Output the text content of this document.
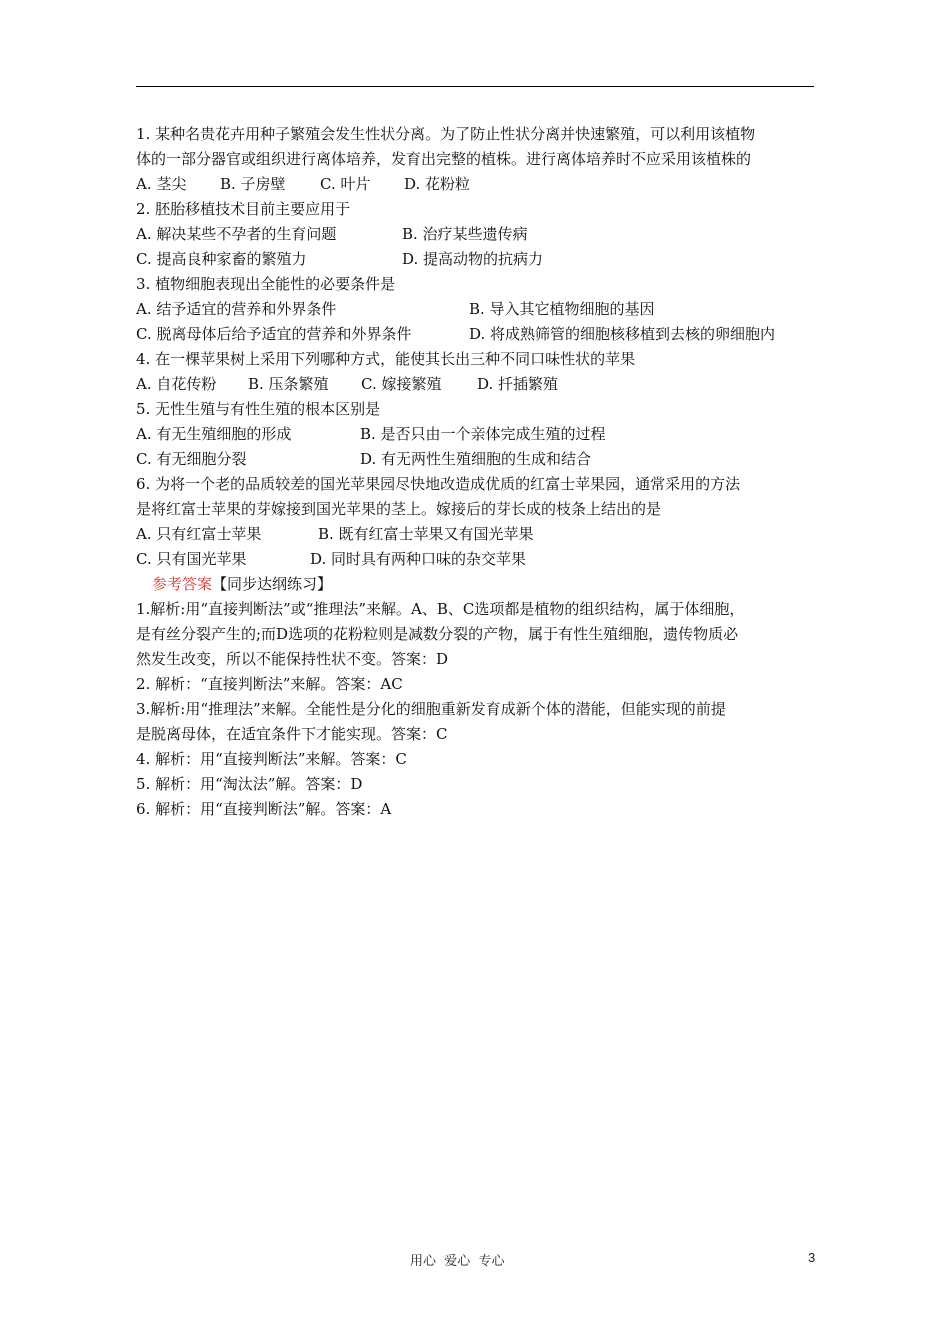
1. 某种名贵花卉用种子繁殖会发生性状分离。为了防止性状分离并快速繁殖，可以利用该植物
体的一部分器官或组织进行离体培养，发育出完整的植株。进行离体培养时不应采用该植株的
A. 茎尖	B. 子房壁	C. 叶片	D. 花粉粒
2. 胚胎移植技术目前主要应用于
A. 解决某些不孕者的生育问题	B. 治疗某些遗传病
C. 提高良种家畜的繁殖力	D. 提高动物的抗病力
3. 植物细胞表现出全能性的必要条件是
A. 结予适宜的营养和外界条件	B. 导入其它植物细胞的基因
C. 脱离母体后给予适宜的营养和外界条件	D. 将成熟筛管的细胞核移植到去核的卵细胞内
4. 在一棵苹果树上采用下列哪种方式，能使其长出三种不同口味性状的苹果
A. 自花传粉	B. 压条繁殖	C. 嫁接繁殖	D. 扦插繁殖
5. 无性生殖与有性生殖的根本区别是
A. 有无生殖细胞的形成	B. 是否只由一个亲体完成生殖的过程
C. 有无细胞分裂	D. 有无两性生殖细胞的生成和结合
6. 为将一个老的品质较差的国光苹果园尽快地改造成优质的红富士苹果园，通常采用的方法
是将红富士苹果的芽嫁接到国光苹果的茎上。嫁接后的芽长成的枝条上结出的是
A. 只有红富士苹果	B. 既有红富士苹果又有国光苹果
C. 只有国光苹果	D. 同时具有两种口味的杂交苹果
参考答案【同步达纲练习】
1.解析:用“直接判断法”或“推理法”来解。A、B、C选项都是植物的组织结构，属于体细胞，
是有丝分裂产生的;而D选项的花粉粒则是减数分裂的产物，属于有性生殖细胞，遗传物质必
然发生改变，所以不能保持性状不变。答案：D
2. 解析：“直接判断法”来解。答案：AC
3.解析:用“推理法”来解。全能性是分化的细胞重新发育成新个体的潜能，但能实现的前提
是脱离母体，在适宜条件下才能实现。答案：C
4. 解析：用“直接判断法”来解。答案：C
5. 解析：用“淘汰法”解。答案：D
6. 解析：用“直接判断法”解。答案：A
用心  爱心  专心	3
